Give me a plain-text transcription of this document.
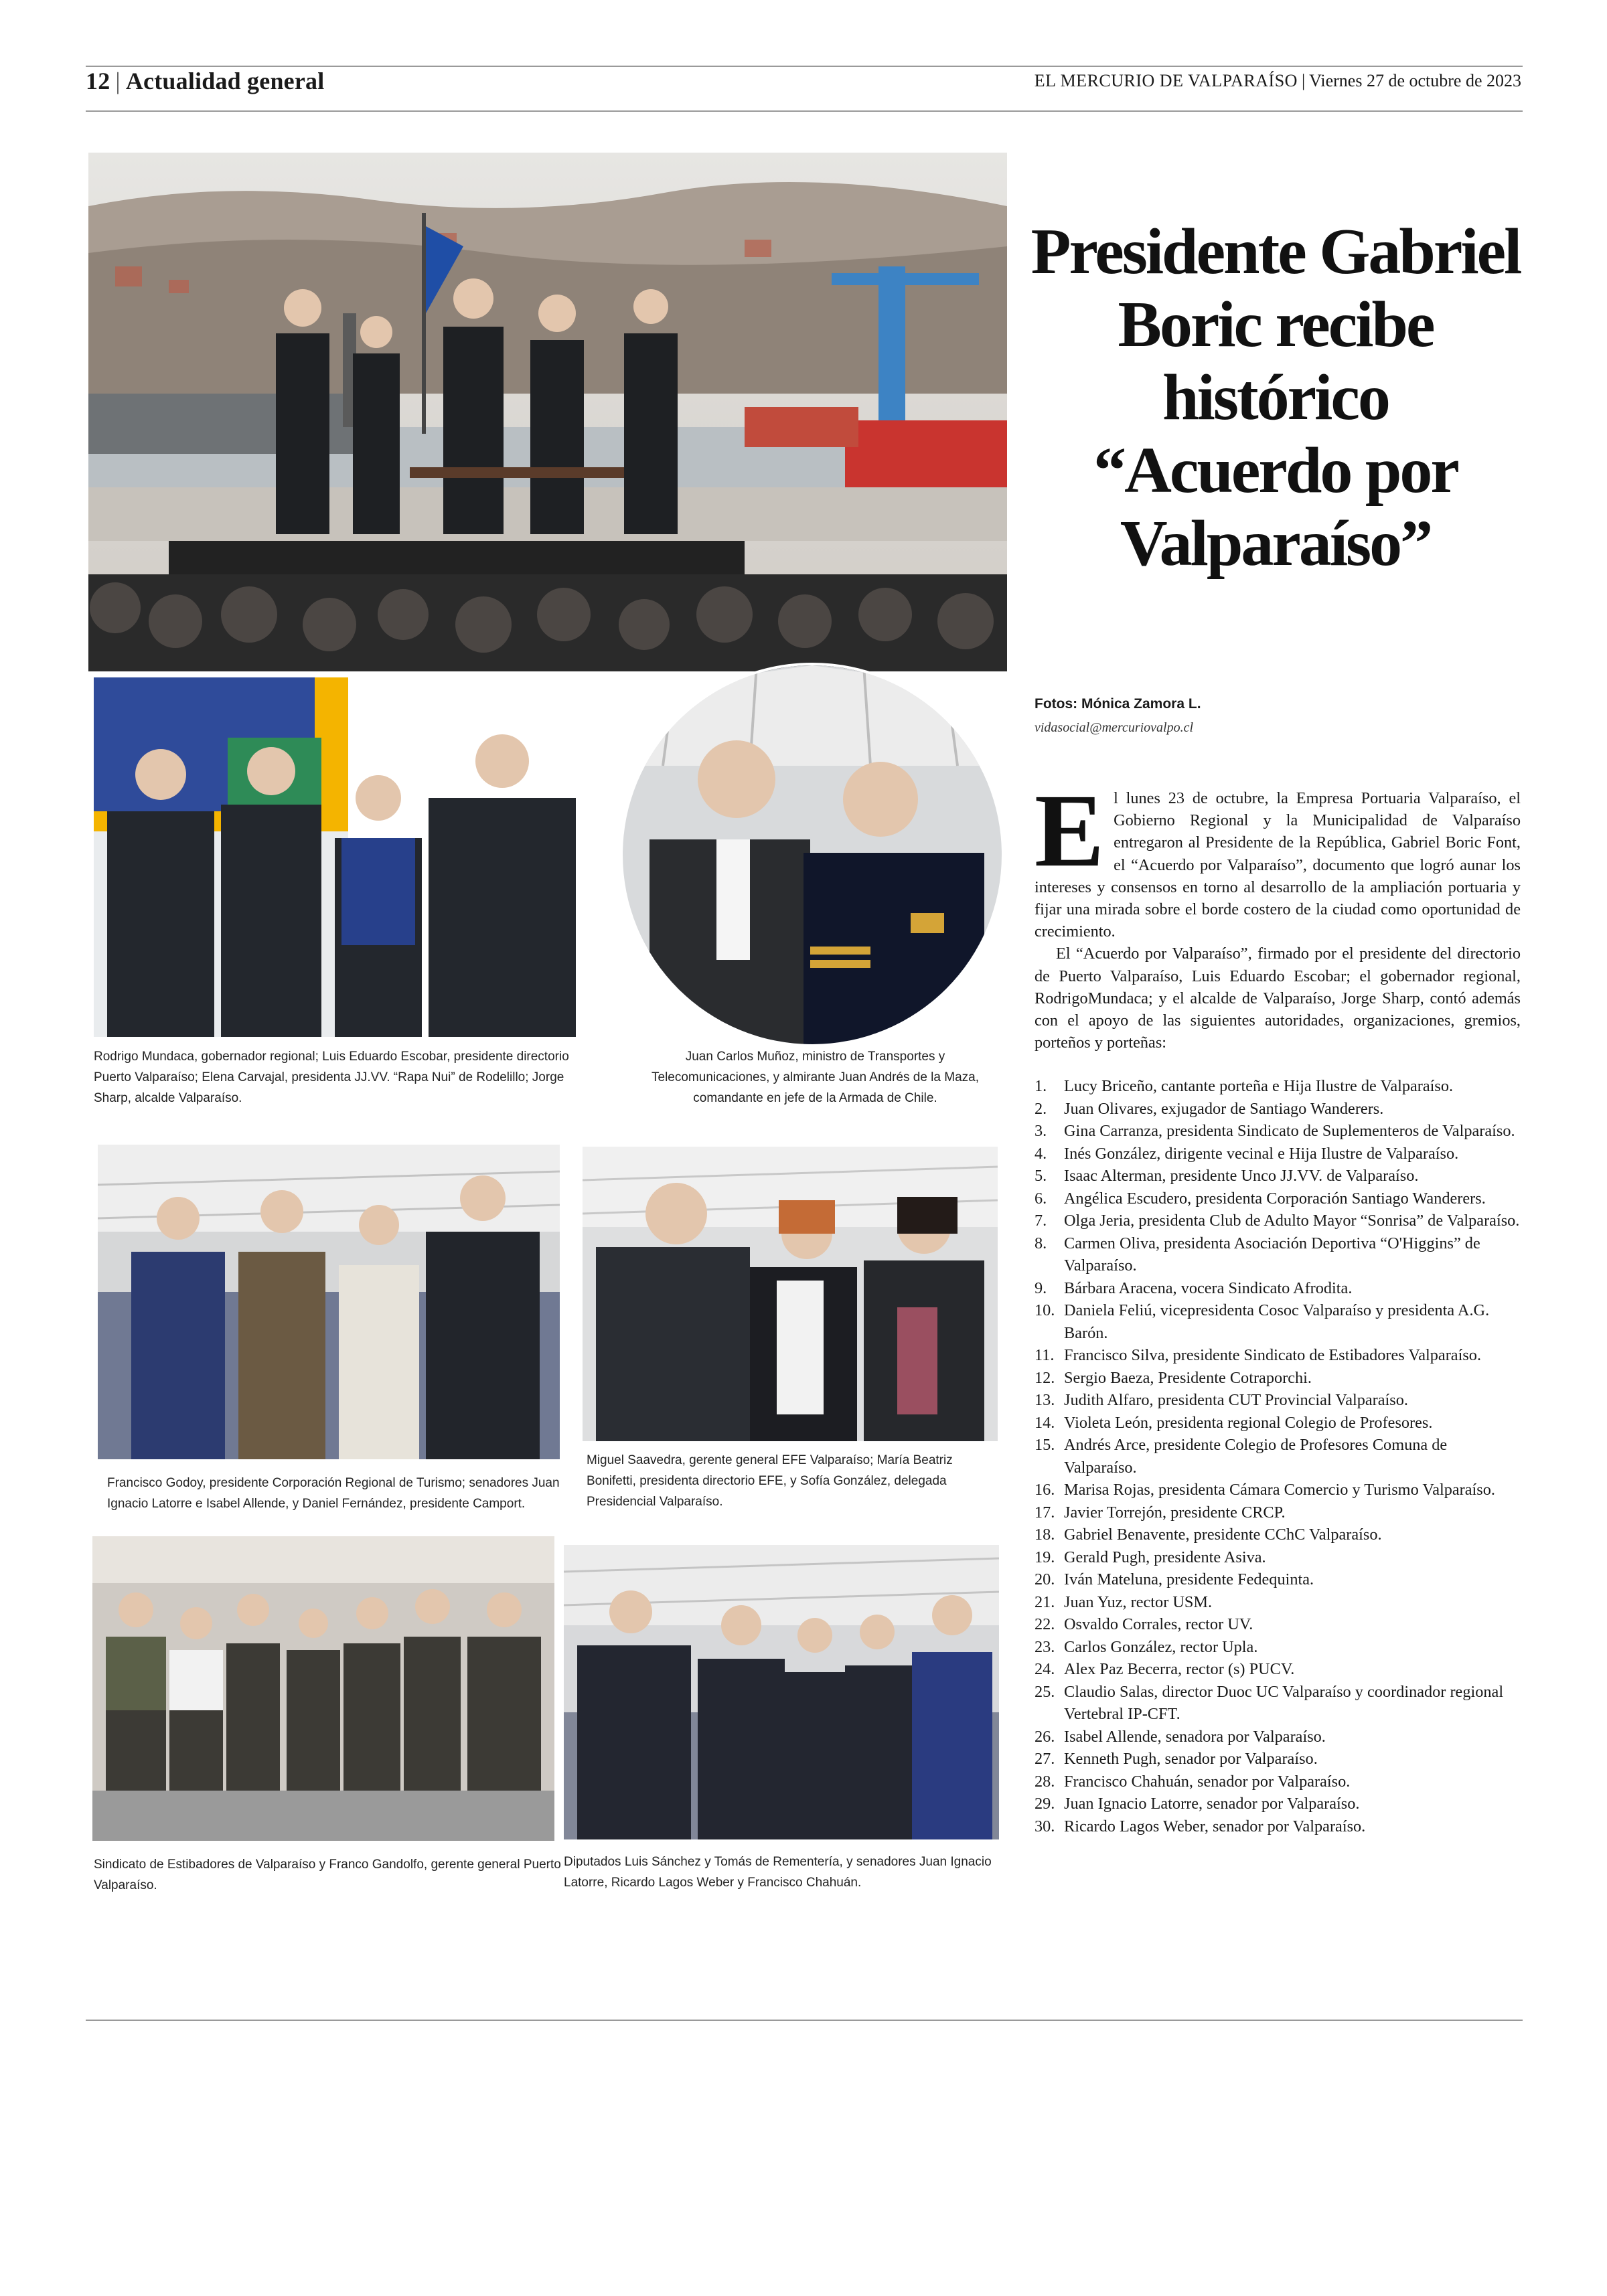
12 | Actualidad general	EL MERCURIO DE VALPARAÍSO | Viernes 27 de octubre de 2023
Rodrigo Mundaca, gobernador regional; Luis Eduardo Escobar, presidente directorio Puerto Valparaíso; Elena Carvajal, presidenta JJ.VV. “Rapa Nui” de Rodelillo; Jorge Sharp, alcalde Valparaíso.
Juan Carlos Muñoz, ministro de Transportes y Telecomunicaciones, y almirante Juan Andrés de la Maza, comandante en jefe de la Armada de Chile.
Francisco Godoy, presidente Corporación Regional de Turismo; senadores Juan Ignacio Latorre e Isabel Allende, y Daniel Fernández, presidente Camport.
Miguel Saavedra, gerente general EFE Valparaíso; María Beatriz Bonifetti, presidenta directorio EFE, y Sofía González, delegada Presidencial Valparaíso.
Sindicato de Estibadores de Valparaíso y Franco Gandolfo, gerente general Puerto Valparaíso.
Diputados Luis Sánchez y Tomás de Rementería, y senadores Juan Ignacio Latorre, Ricardo Lagos Weber y Francisco Chahuán.
Presidente Gabriel
Boric recibe
histórico
“Acuerdo por
Valparaíso”
Fotos: Mónica Zamora L.
vidasocial@mercuriovalpo.cl

El lunes 23 de octubre, la Empresa Portuaria Valparaíso, el Gobierno Regional y la Municipalidad de Valparaíso entregaron al Presidente de la República, Gabriel Boric Font, el “Acuerdo por Valparaíso”, documento que logró aunar los intereses y consensos en torno al desarrollo de la ampliación portuaria y fijar una mirada sobre el borde costero de la ciudad como oportunidad de crecimiento.

El “Acuerdo por Valparaíso”, firmado por el presidente del directorio de Puerto Valparaíso, Luis Eduardo Escobar; el gobernador regional, RodrigoMundaca; y el alcalde de Valparaíso, Jorge Sharp, contó además con el apoyo de las siguientes autoridades, organizaciones, gremios, porteños y porteñas:

1.	Lucy Briceño, cantante porteña e Hija Ilustre de Valparaíso.
2.	Juan Olivares, exjugador de Santiago Wanderers.
3.	Gina Carranza, presidenta Sindicato de Suplementeros de Valparaíso.
4.	Inés González, dirigente vecinal e Hija Ilustre de Valparaíso.
5.	Isaac Alterman, presidente Unco JJ.VV. de Valparaíso.
6.	Angélica Escudero, presidenta Corporación Santiago Wanderers.
7.	Olga Jeria, presidenta Club de Adulto Mayor “Sonrisa” de Valparaíso.
8.	Carmen Oliva, presidenta Asociación Deportiva “O'Higgins” de Valparaíso.
9.	Bárbara Aracena, vocera Sindicato Afrodita.
10. Daniela Feliú, vicepresidenta Cosoc Valparaíso y presidenta A.G. Barón.
11. Francisco Silva, presidente Sindicato de Estibadores Valparaíso.
12. Sergio Baeza, Presidente Cotraporchi.
13. Judith Alfaro, presidenta CUT Provincial Valparaíso.
14. Violeta León, presidenta regional Colegio de Profesores.
15. Andrés Arce, presidente Colegio de Profesores Comuna de Valparaíso.
16. Marisa Rojas, presidenta Cámara Comercio y Turismo Valparaíso.
17. Javier Torrejón, presidente CRCP.
18. Gabriel Benavente, presidente CChC Valparaíso.
19. Gerald Pugh, presidente Asiva.
20. Iván Mateluna, presidente Fedequinta.
21. Juan Yuz, rector USM.
22. Osvaldo Corrales, rector UV.
23. Carlos González, rector Upla.
24. Alex Paz Becerra, rector (s) PUCV.
25. Claudio Salas, director Duoc UC Valparaíso y coordinador regional Vertebral IP-CFT.
26. Isabel Allende, senadora por Valparaíso.
27. Kenneth Pugh, senador por Valparaíso.
28. Francisco Chahuán, senador por Valparaíso.
29. Juan Ignacio Latorre, senador por Valparaíso.
30. Ricardo Lagos Weber, senador por Valparaíso.
